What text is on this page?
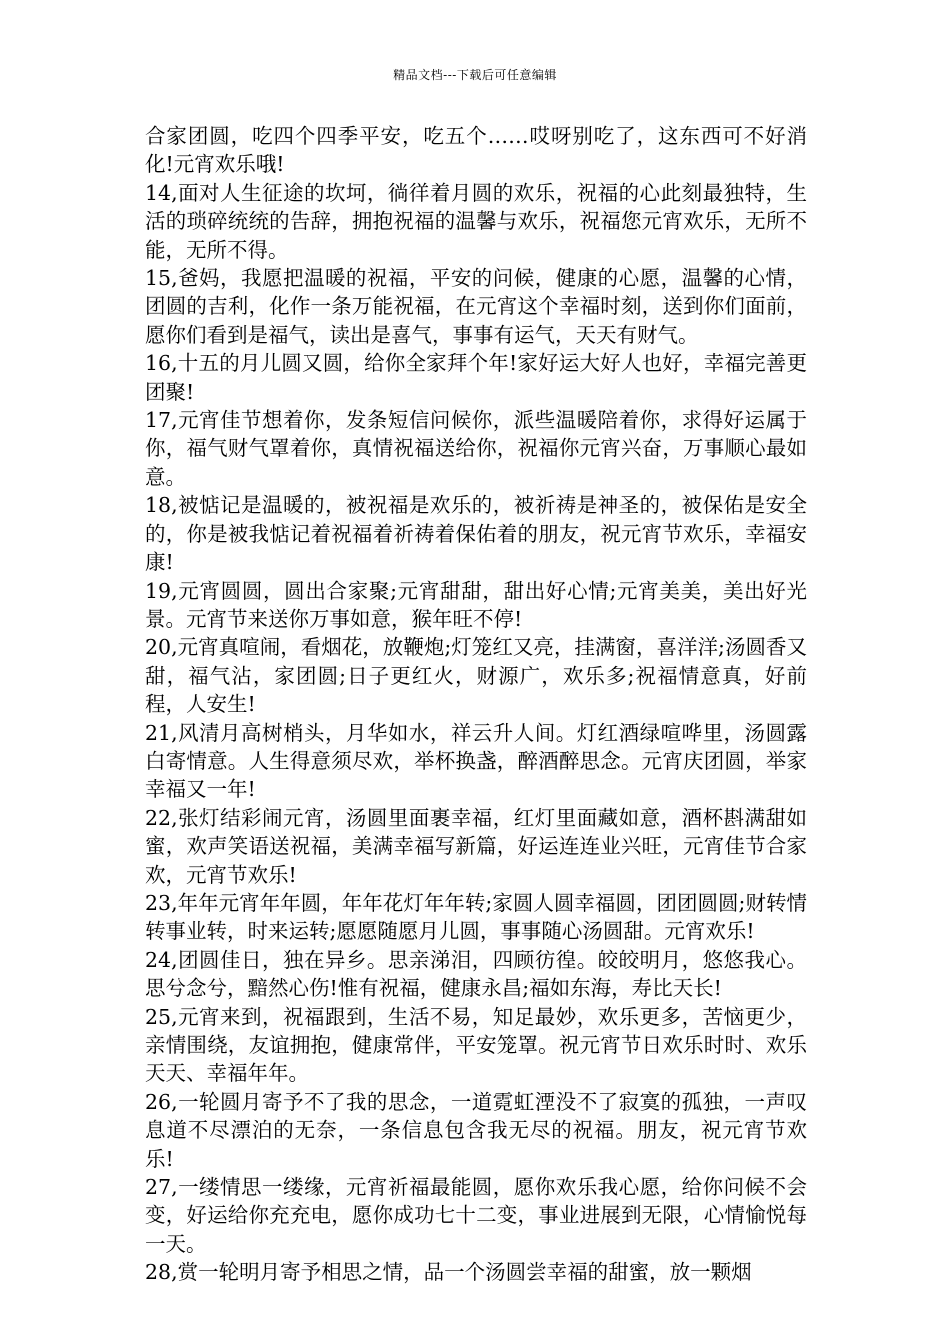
精品文档---下载后可任意编辑

合家团圆，吃四个四季平安，吃五个……哎呀别吃了，这东西可不好消化!元宵欢乐哦!

14,面对人生征途的坎坷，徜徉着月圆的欢乐，祝福的心此刻最独特，生活的琐碎统统的告辞，拥抱祝福的温馨与欢乐，祝福您元宵欢乐，无所不能，无所不得。

15,爸妈，我愿把温暖的祝福，平安的问候，健康的心愿，温馨的心情，团圆的吉利，化作一条万能祝福，在元宵这个幸福时刻，送到你们面前，愿你们看到是福气，读出是喜气，事事有运气，天天有财气。

16,十五的月儿圆又圆，给你全家拜个年!家好运大好人也好，幸福完善更团聚!

17,元宵佳节想着你，发条短信问候你，派些温暖陪着你，求得好运属于你，福气财气罩着你，真情祝福送给你，祝福你元宵兴奋，万事顺心最如意。

18,被惦记是温暖的，被祝福是欢乐的，被祈祷是神圣的，被保佑是安全的，你是被我惦记着祝福着祈祷着保佑着的朋友，祝元宵节欢乐，幸福安康!

19,元宵圆圆，圆出合家聚;元宵甜甜，甜出好心情;元宵美美，美出好光景。元宵节来送你万事如意，猴年旺不停!

20,元宵真喧闹，看烟花，放鞭炮;灯笼红又亮，挂满窗，喜洋洋;汤圆香又甜，福气沾，家团圆;日子更红火，财源广，欢乐多;祝福情意真，好前程，人安生!

21,风清月高树梢头，月华如水，祥云升人间。灯红酒绿喧哗里，汤圆露白寄情意。人生得意须尽欢，举杯换盏，醉酒醉思念。元宵庆团圆，举家幸福又一年!

22,张灯结彩闹元宵，汤圆里面裹幸福，红灯里面藏如意，酒杯斟满甜如蜜，欢声笑语送祝福，美满幸福写新篇，好运连连业兴旺，元宵佳节合家欢，元宵节欢乐!

23,年年元宵年年圆，年年花灯年年转;家圆人圆幸福圆，团团圆圆;财转情转事业转，时来运转;愿愿随愿月儿圆，事事随心汤圆甜。元宵欢乐!

24,团圆佳日，独在异乡。思亲涕泪，四顾彷徨。皎皎明月，悠悠我心。思兮念兮，黯然心伤!惟有祝福，健康永昌;福如东海，寿比天长!

25,元宵来到，祝福跟到，生活不易，知足最妙，欢乐更多，苦恼更少，亲情围绕，友谊拥抱，健康常伴，平安笼罩。祝元宵节日欢乐时时、欢乐天天、幸福年年。

26,一轮圆月寄予不了我的思念，一道霓虹湮没不了寂寞的孤独，一声叹息道不尽漂泊的无奈，一条信息包含我无尽的祝福。朋友，祝元宵节欢乐!

27,一缕情思一缕缘，元宵祈福最能圆，愿你欢乐我心愿，给你问候不会变，好运给你充充电，愿你成功七十二变，事业进展到无限，心情愉悦每一天。

28,赏一轮明月寄予相思之情，品一个汤圆尝幸福的甜蜜，放一颗烟
